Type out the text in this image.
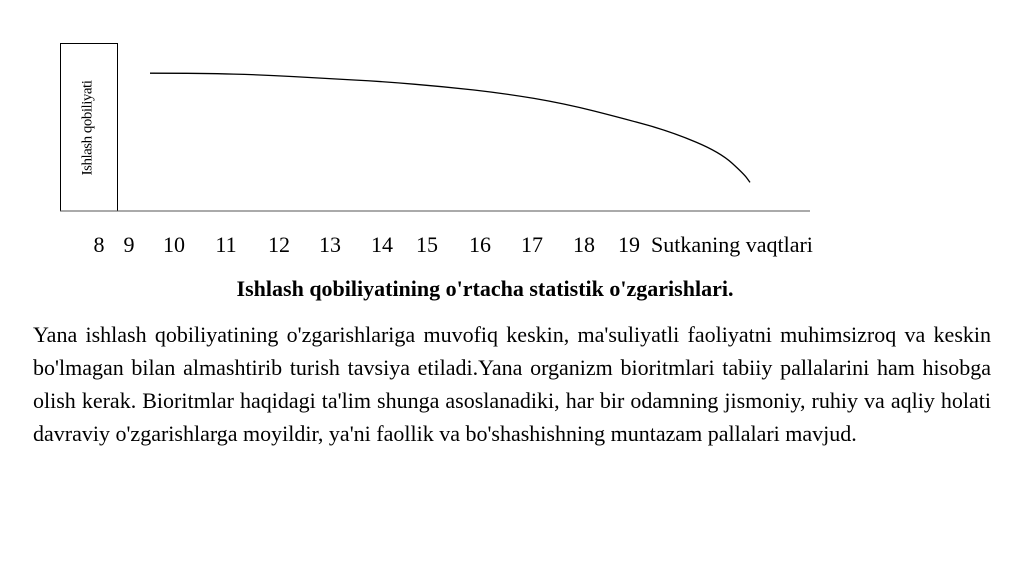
Ishlash qobiliyati
8 9 10 11 12 13 14 15 16 17 18 19 Sutkaning vaqtlari
Ishlash qobiliyatining o'rtacha statistik o'zgarishlari.

Yana ishlash qobiliyatining o'zgarishlariga muvofiq keskin, ma'suliyatli faoliyatni muhimsizroq va keskin bo'lmagan bilan almashtirib turish tavsiya etiladi.Yana organizm bioritmlari tabiiy pallalarini ham hisobga olish kerak. Bioritmlar haqidagi ta'lim shunga asoslanadiki, har bir odamning jismoniy, ruhiy va aqliy holati davraviy o'zgarishlarga moyildir, ya'ni faollik va bo'shashishning muntazam pallalari mavjud.
